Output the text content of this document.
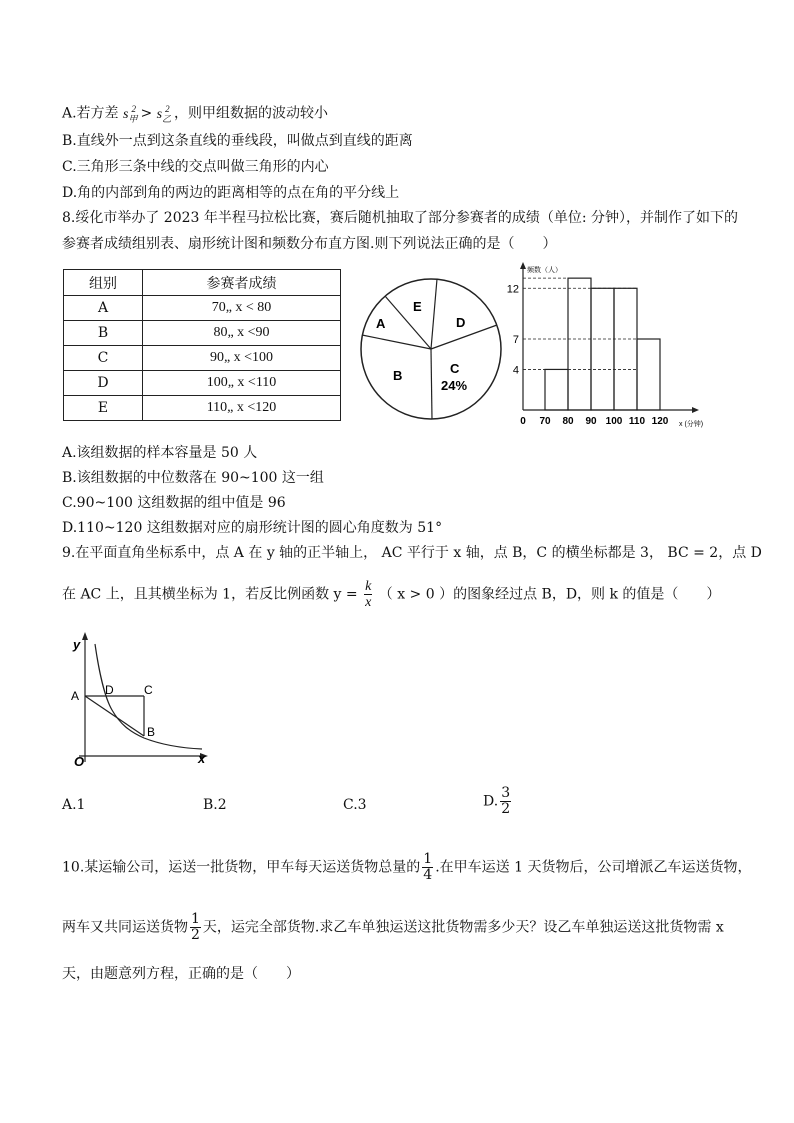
A.若方差 $s_甲^2 > s_乙^2$ ，则甲组数据的波动较小
B.直线外一点到这条直线的垂线段，叫做点到直线的距离
C.三角形三条中线的交点叫做三角形的内心
D.角的内部到角的两边的距离相等的点在角的平分线上
8.绥化市举办了 2023 年半程马拉松比赛，赛后随机抽取了部分参赛者的成绩（单位: 分钟），并制作了如下的
参赛者成绩组别表、扇形统计图和频数分布直方图.则下列说法正确的是（　　）
组别	参赛者成绩
A	70„ x < 80
B	80„ x <90
C	90„ x <100
D	100„ x <110
E	110„ x <120
A
E
D
B	C
24%
频数（人）
x (分钟)
4
7
12
0 70 80 90 100 110 120
A.该组数据的样本容量是 50 人
B.该组数据的中位数落在 90~100 这一组
C.90~100 这组数据的组中值是 96
D.110~120 这组数据对应的扇形统计图的圆心角度数为 51°
9.在平面直角坐标系中，点 A 在 y 轴的正半轴上， AC 平行于 x 轴，点 B，C 的横坐标都是 3， BC = 2，点 D
在 AC 上，且其横坐标为 1，若反比例函数 $y = \frac{k}{x}$ （ x > 0 ）的图象经过点 B，D，则 k 的值是（　　）
y
x
O
A D	C
B
A.1	B.2	C.3	D. $\frac{3}{2}$
10.某运输公司，运送一批货物，甲车每天运送货物总量的 $\frac{1}{4}$ .在甲车运送 1 天货物后，公司增派乙车运送货物，
两车又共同运送货物 $\frac{1}{2}$ 天，运完全部货物.求乙车单独运送这批货物需多少天？设乙车单独运送这批货物需 x
天，由题意列方程，正确的是（　　）
